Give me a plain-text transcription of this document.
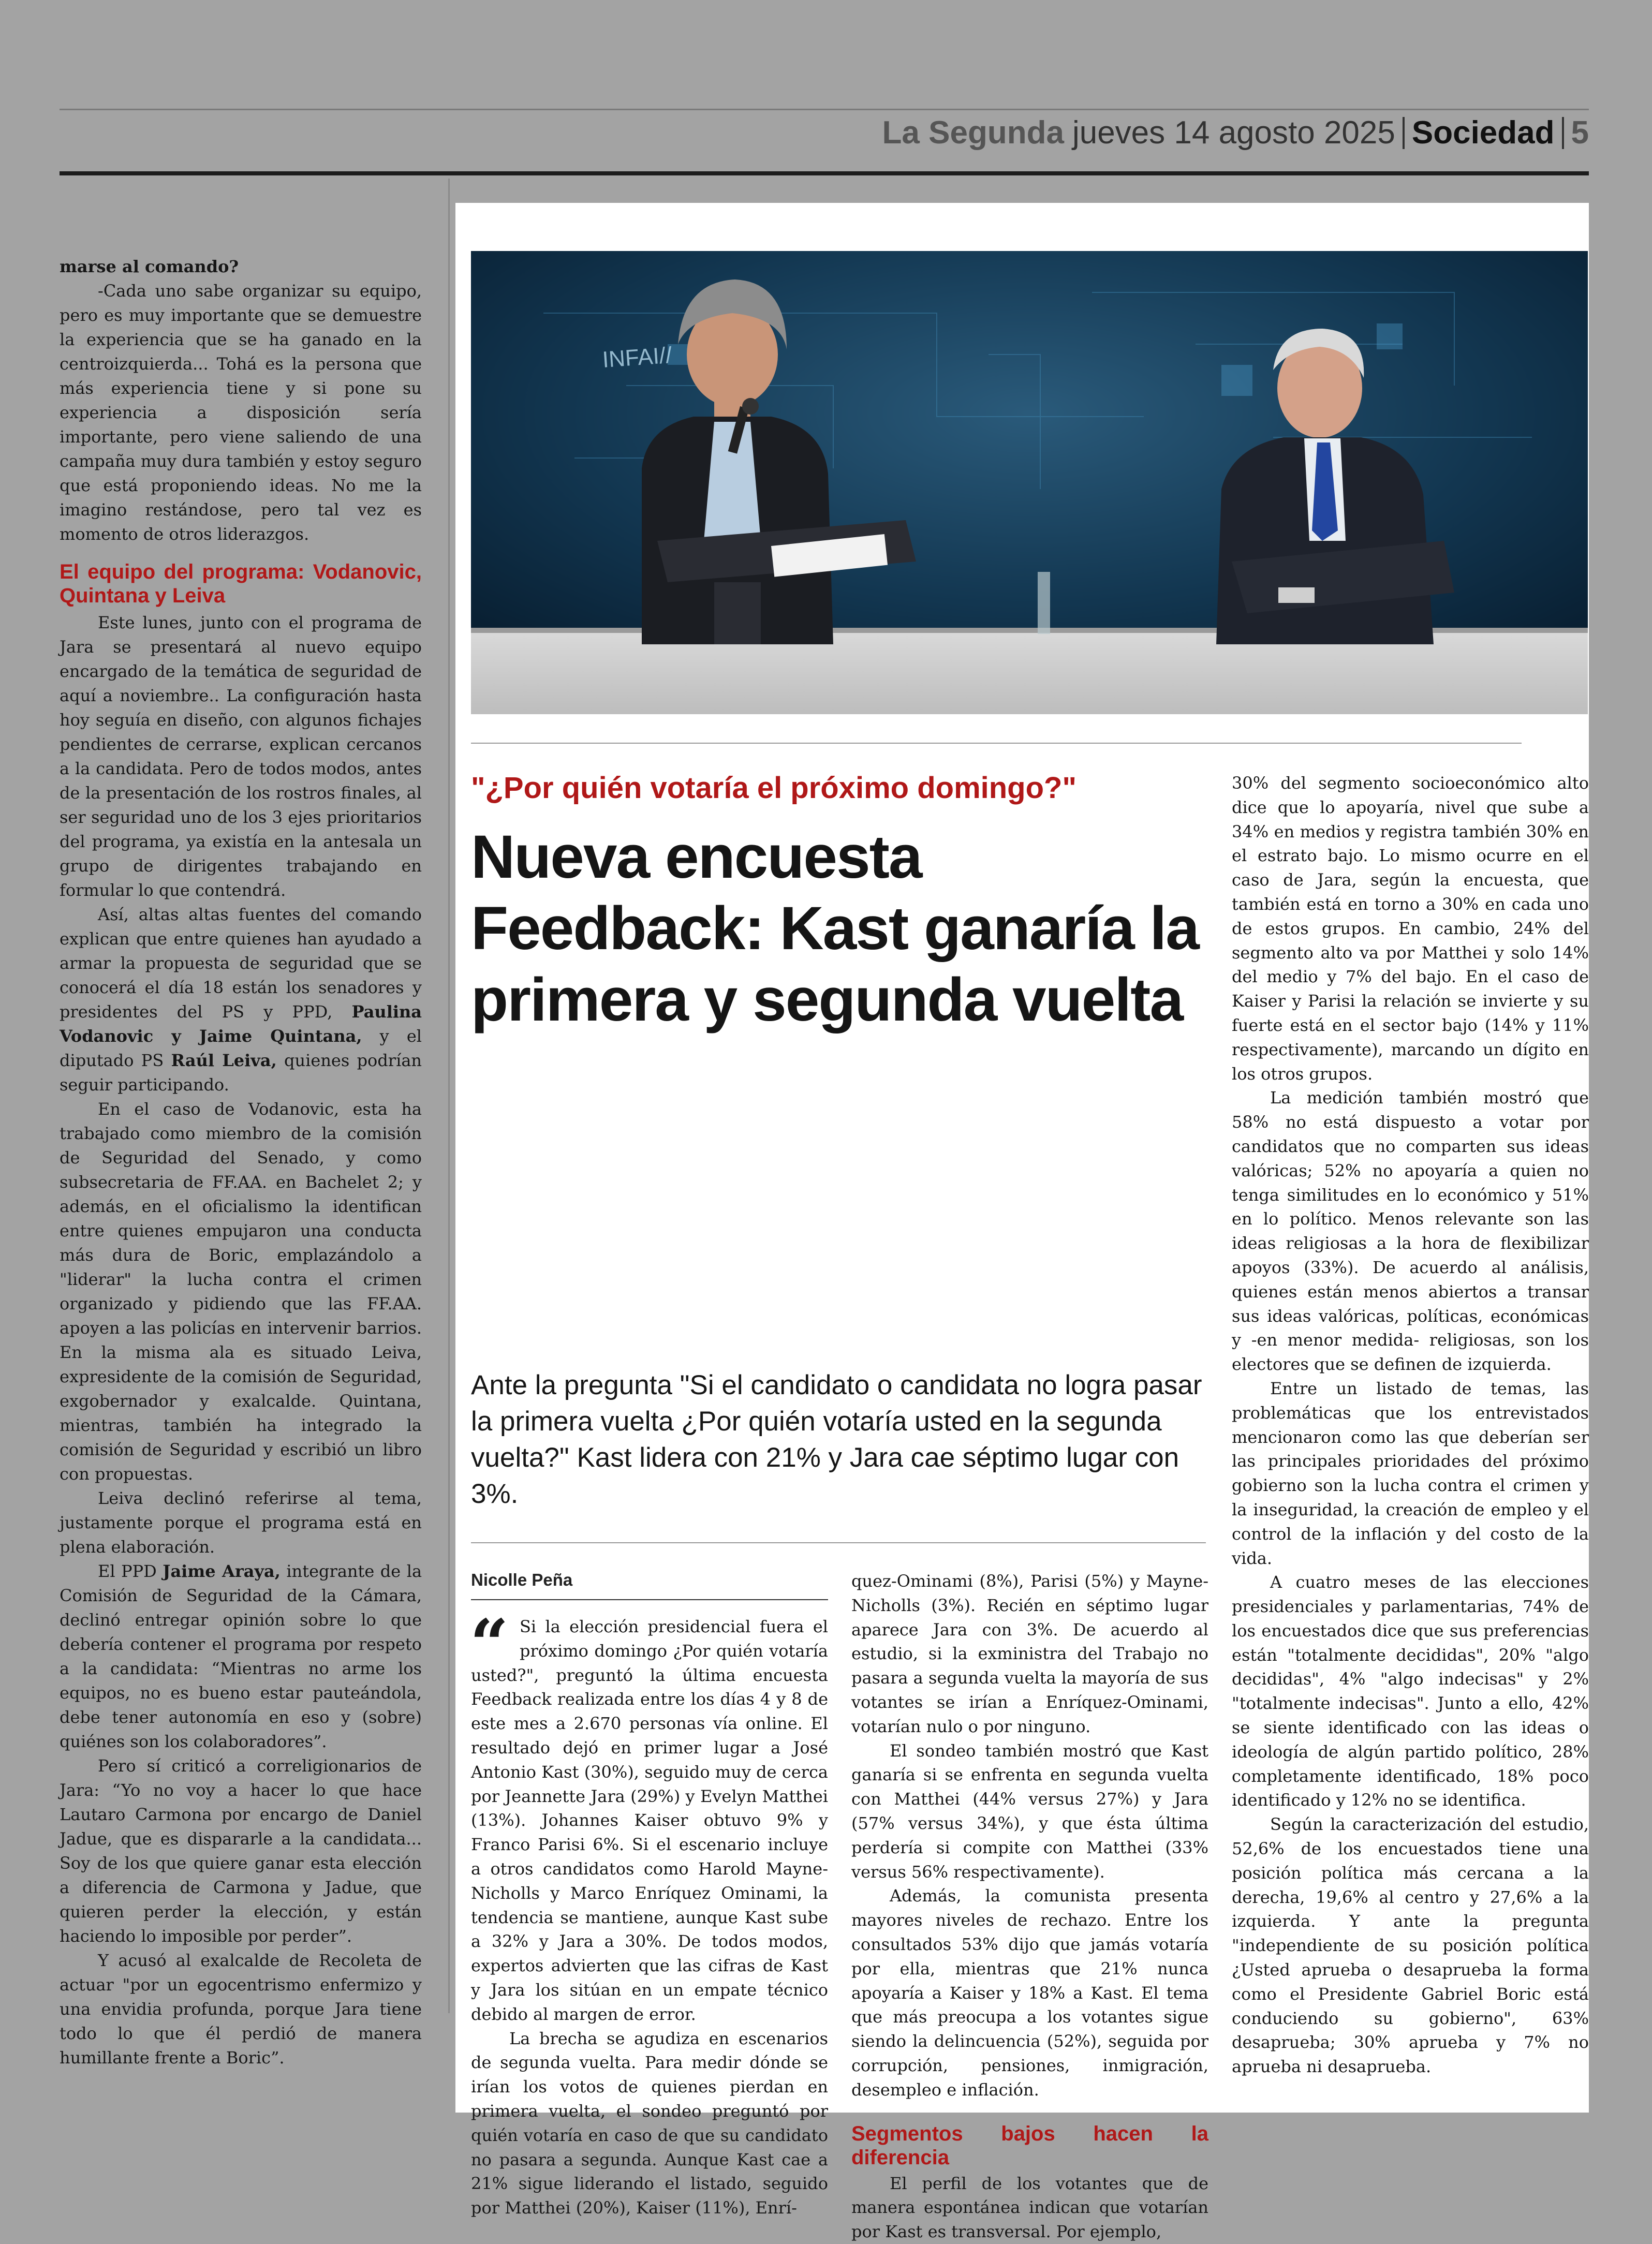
La Segunda jueves 14 agosto 2025 Sociedad 5

marse al comando?

-Cada uno sabe organizar su equipo, pero es muy importante que se demuestre la experiencia que se ha ganado en la centroizquierda... Tohá es la persona que más experiencia tiene y si pone su experiencia a disposición sería importante, pero viene saliendo de una campaña muy dura también y estoy seguro que está proponiendo ideas. No me la imagino restándose, pero tal vez es momento de otros liderazgos.

El equipo del programa: Vodanovic, Quintana y Leiva

Este lunes, junto con el programa de Jara se presentará al nuevo equipo encargado de la temática de seguridad de aquí a noviembre.. La configuración hasta hoy seguía en diseño, con algunos fichajes pendientes de cerrarse, explican cercanos a la candidata. Pero de todos modos, antes de la presentación de los rostros finales, al ser seguridad uno de los 3 ejes prioritarios del programa, ya existía en la antesala un grupo de dirigentes trabajando en formular lo que contendrá.

Así, altas altas fuentes del comando explican que entre quienes han ayudado a armar la propuesta de seguridad que se conocerá el día 18 están los senadores y presidentes del PS y PPD, Paulina Vodanovic y Jaime Quintana, y el diputado PS Raúl Leiva, quienes podrían seguir participando.

En el caso de Vodanovic, esta ha trabajado como miembro de la comisión de Seguridad del Senado, y como subsecretaria de FF.AA. en Bachelet 2; y además, en el oficialismo la identifican entre quienes empujaron una conducta más dura de Boric, emplazándolo a "liderar" la lucha contra el crimen organizado y pidiendo que las FF.AA. apoyen a las policías en intervenir barrios. En la misma ala es situado Leiva, expresidente de la comisión de Seguridad, exgobernador y exalcalde. Quintana, mientras, también ha integrado la comisión de Seguridad y escribió un libro con propuestas.

Leiva declinó referirse al tema, justamente porque el programa está en plena elaboración.

El PPD Jaime Araya, integrante de la Comisión de Seguridad de la Cámara, declinó entregar opinión sobre lo que debería contener el programa por respeto a la candidata: “Mientras no arme los equipos, no es bueno estar pauteándola, debe tener autonomía en eso y (sobre) quiénes son los colaboradores”.

Pero sí criticó a correligionarios de Jara: “Yo no voy a hacer lo que hace Lautaro Carmona por encargo de Daniel Jadue, que es dispararle a la candidata... Soy de los que quiere ganar esta elección a diferencia de Carmona y Jadue, que quieren perder la elección, y están haciendo lo imposible por perder”.

Y acusó al exalcalde de Recoleta de actuar "por un egocentrismo enfermizo y una envidia profunda, porque Jara tiene todo lo que él perdió de manera humillante frente a Boric”.

INFAI//
"¿Por quién votaría el próximo domingo?"
Nueva encuesta Feedback: Kast ganaría la primera y segunda vuelta
Ante la pregunta "Si el candidato o candidata no logra pasar la primera vuelta ¿Por quién votaría usted en la segunda vuelta?" Kast lidera con 21% y Jara cae séptimo lugar con 3%.
Nicolle Peña

“ Si la elección presidencial fuera el próximo domingo ¿Por quién votaría usted?", preguntó la última encuesta Feedback realizada entre los días 4 y 8 de este mes a 2.670 personas vía online. El resultado dejó en primer lugar a José Antonio Kast (30%), seguido muy de cerca por Jeannette Jara (29%) y Evelyn Matthei (13%). Johannes Kaiser obtuvo 9% y Franco Parisi 6%. Si el escenario incluye a otros candidatos como Harold Mayne-Nicholls y Marco Enríquez Ominami, la tendencia se mantiene, aunque Kast sube a 32% y Jara a 30%. De todos modos, expertos advierten que las cifras de Kast y Jara los sitúan en un empate técnico debido al margen de error.

La brecha se agudiza en escenarios de segunda vuelta. Para medir dónde se irían los votos de quienes pierdan en primera vuelta, el sondeo preguntó por quién votaría en caso de que su candidato no pasara a segunda. Aunque Kast cae a 21% sigue liderando el listado, seguido por Matthei (20%), Kaiser (11%), Enrí-

quez-Ominami (8%), Parisi (5%) y Mayne-Nicholls (3%). Recién en séptimo lugar aparece Jara con 3%. De acuerdo al estudio, si la exministra del Trabajo no pasara a segunda vuelta la mayoría de sus votantes se irían a Enríquez-Ominami, votarían nulo o por ninguno.

El sondeo también mostró que Kast ganaría si se enfrenta en segunda vuelta con Matthei (44% versus 27%) y Jara (57% versus 34%), y que ésta última perdería si compite con Matthei (33% versus 56% respectivamente).

Además, la comunista presenta mayores niveles de rechazo. Entre los consultados 53% dijo que jamás votaría por ella, mientras que 21% nunca apoyaría a Kaiser y 18% a Kast. El tema que más preocupa a los votantes sigue siendo la delincuencia (52%), seguida por corrupción, pensiones, inmigración, desempleo e inflación.

Segmentos bajos hacen la diferencia

El perfil de los votantes que de manera espontánea indican que votarían por Kast es transversal. Por ejemplo,

30% del segmento socioeconómico alto dice que lo apoyaría, nivel que sube a 34% en medios y registra también 30% en el estrato bajo. Lo mismo ocurre en el caso de Jara, según la encuesta, que también está en torno a 30% en cada uno de estos grupos. En cambio, 24% del segmento alto va por Matthei y solo 14% del medio y 7% del bajo. En el caso de Kaiser y Parisi la relación se invierte y su fuerte está en el sector bajo (14% y 11% respectivamente), marcando un dígito en los otros grupos.

La medición también mostró que 58% no está dispuesto a votar por candidatos que no comparten sus ideas valóricas; 52% no apoyaría a quien no tenga similitudes en lo económico y 51% en lo político. Menos relevante son las ideas religiosas a la hora de flexibilizar apoyos (33%). De acuerdo al análisis, quienes están menos abiertos a transar sus ideas valóricas, políticas, económicas y -en menor medida- religiosas, son los electores que se definen de izquierda.

Entre un listado de temas, las problemáticas que los entrevistados mencionaron como las que deberían ser las principales prioridades del próximo gobierno son la lucha contra el crimen y la inseguridad, la creación de empleo y el control de la inflación y del costo de la vida.

A cuatro meses de las elecciones presidenciales y parlamentarias, 74% de los encuestados dice que sus preferencias están "totalmente decididas", 20% "algo decididas", 4% "algo indecisas" y 2% "totalmente indecisas". Junto a ello, 42% se siente identificado con las ideas o ideología de algún partido político, 28% completamente identificado, 18% poco identificado y 12% no se identifica.

Según la caracterización del estudio, 52,6% de los encuestados tiene una posición política más cercana a la derecha, 19,6% al centro y 27,6% a la izquierda. Y ante la pregunta "independiente de su posición política ¿Usted aprueba o desaprueba la forma como el Presidente Gabriel Boric está conduciendo su gobierno", 63% desaprueba; 30% aprueba y 7% no aprueba ni desaprueba.
